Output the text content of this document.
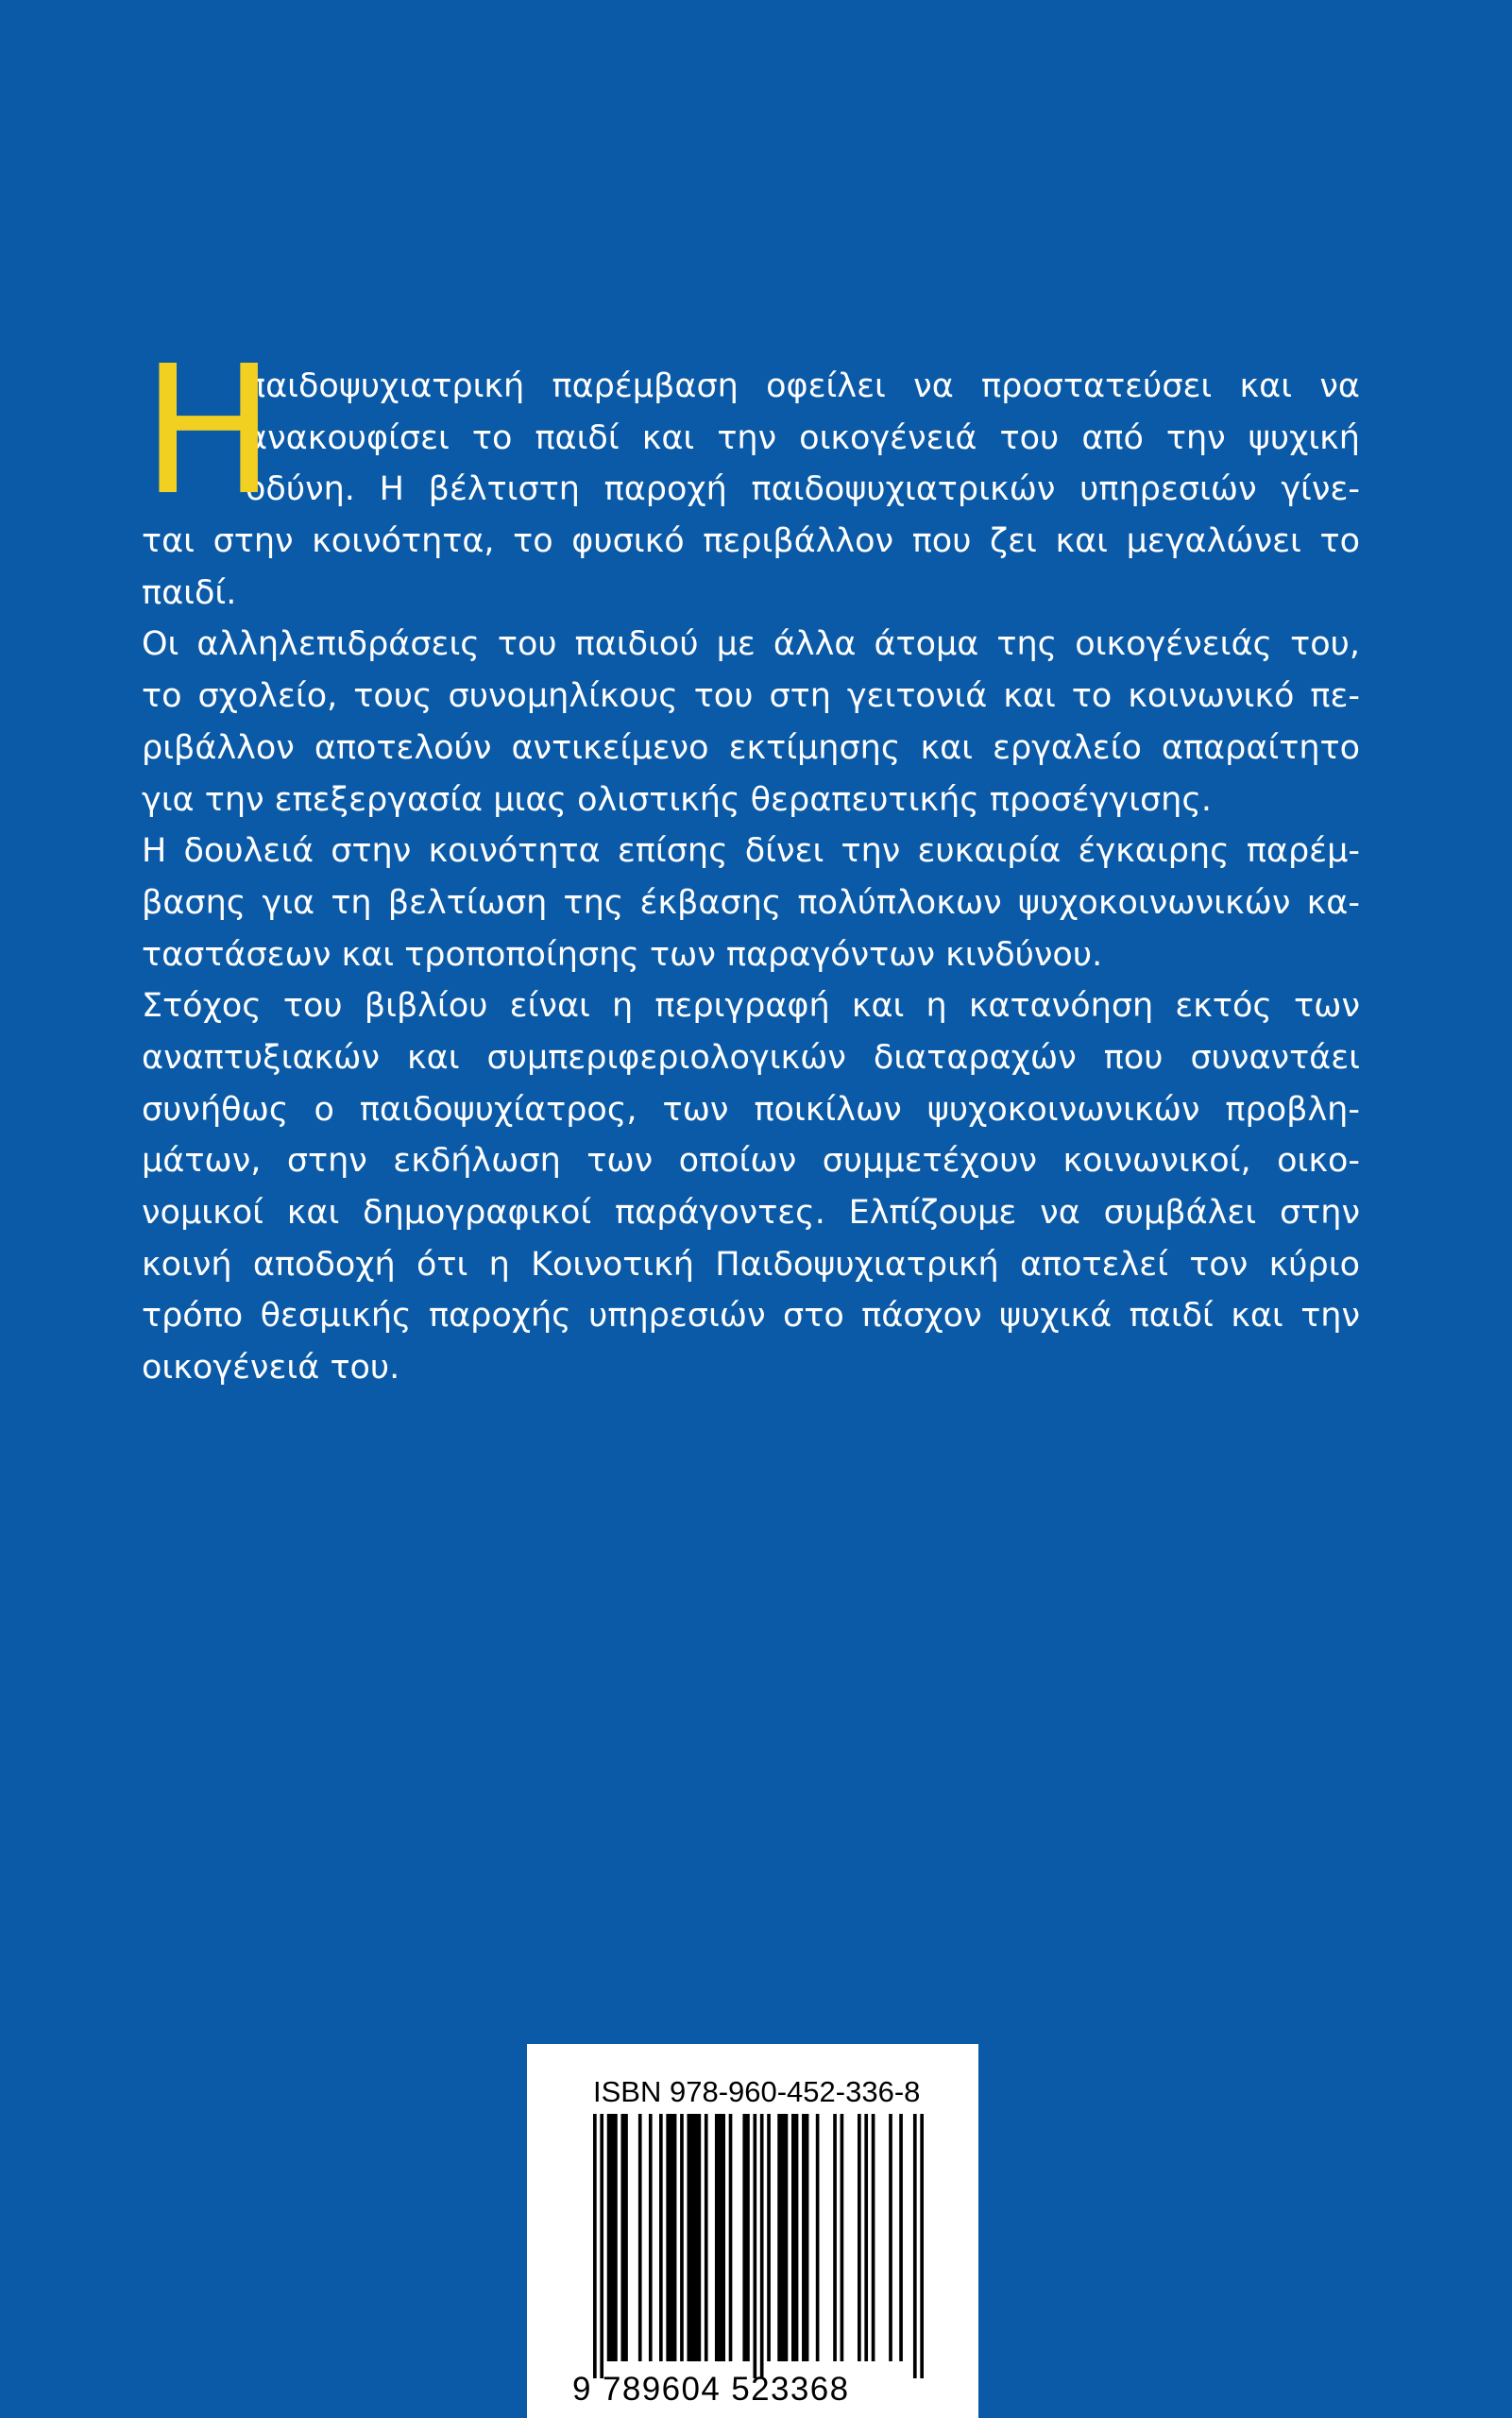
Η
παιδοψυχιατρική παρέμβαση οφείλει να προστατεύσει και να
ανακουφίσει το παιδί και την οικογένειά του από την ψυχική
οδύνη. Η βέλτιστη παροχή παιδοψυχιατρικών υπηρεσιών γίνε-
ται στην κοινότητα, το φυσικό περιβάλλον που ζει και μεγαλώνει το
παιδί.
Οι αλληλεπιδράσεις του παιδιού με άλλα άτομα της οικογένειάς του,
το σχολείο, τους συνομηλίκους του στη γειτονιά και το κοινωνικό πε-
ριβάλλον αποτελούν αντικείμενο εκτίμησης και εργαλείο απαραίτητο
για την επεξεργασία μιας ολιστικής θεραπευτικής προσέγγισης.
Η δουλειά στην κοινότητα επίσης δίνει την ευκαιρία έγκαιρης παρέμ-
βασης για τη βελτίωση της έκβασης πολύπλοκων ψυχοκοινωνικών κα-
ταστάσεων και τροποποίησης των παραγόντων κινδύνου.
Στόχος του βιβλίου είναι η περιγραφή και η κατανόηση εκτός των
αναπτυξιακών και συμπεριφεριολογικών διαταραχών που συναντάει
συνήθως ο παιδοψυχίατρος, των ποικίλων ψυχοκοινωνικών προβλη-
μάτων, στην εκδήλωση των οποίων συμμετέχουν κοινωνικοί, οικο-
νομικοί και δημογραφικοί παράγοντες. Ελπίζουμε να συμβάλει στην
κοινή αποδοχή ότι η Κοινοτική Παιδοψυχιατρική αποτελεί τον κύριο
τρόπο θεσμικής παροχής υπηρεσιών στο πάσχον ψυχικά παιδί και την
οικογένειά του.
ISBN 978-960-452-336-8
9 789604 523368
